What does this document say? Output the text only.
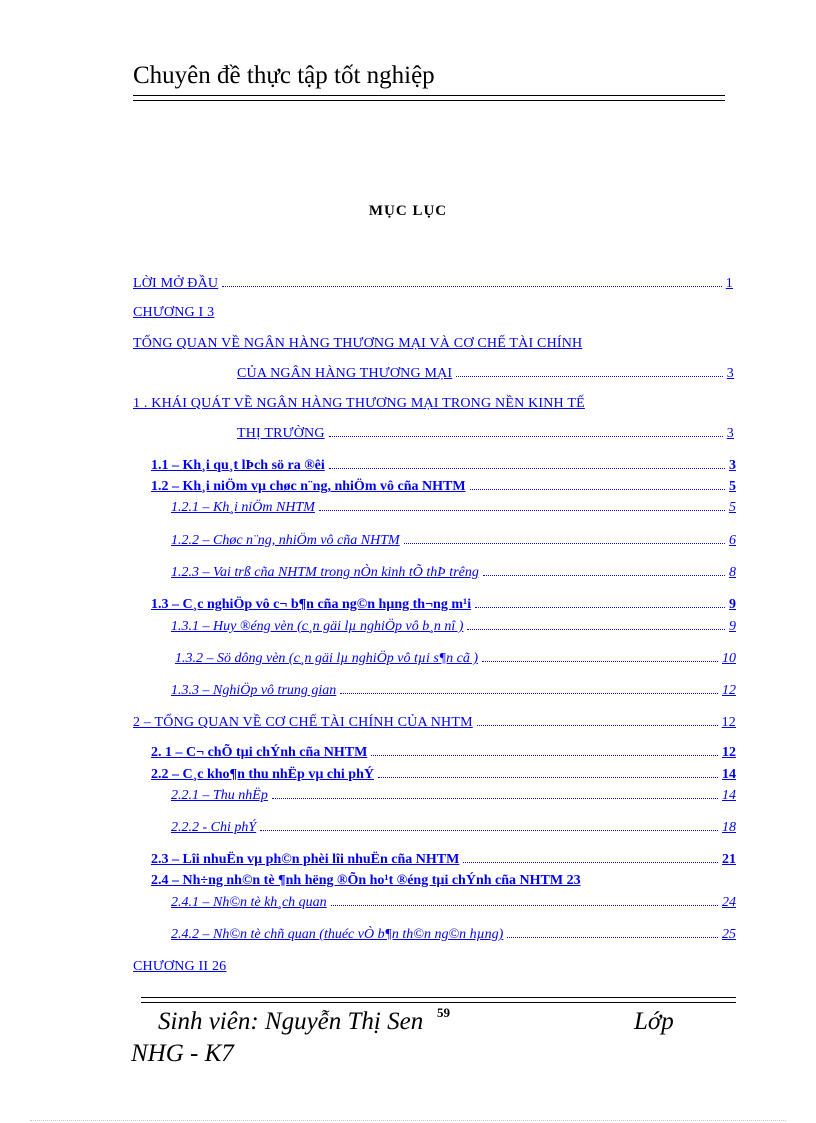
Chuyên đề thực tập tốt nghiệp
MỤC LỤC
LỜI MỞ ĐẦU	1
CHƯƠNG I 3
TỔNG QUAN VỀ NGÂN HÀNG THƯƠNG MẠI VÀ CƠ CHẾ TÀI CHÍNH
CỦA NGÂN HÀNG THƯƠNG MẠI	3
1 . KHÁI QUÁT VỀ NGÂN HÀNG THƯƠNG MẠI TRONG NỀN KINH TẾ
THỊ TRƯỜNG	3
1.1 – Kh¸i qu¸t lÞch sö ra ®êi	3
1.2 – Kh¸i niÖm vµ chøc n¨ng, nhiÖm vô cña NHTM	5
1.2.1 – Kh¸i niÖm NHTM	5
1.2.2 – Chøc n¨ng, nhiÖm vô cña NHTM	6
1.2.3 – Vai trß cña NHTM trong nÒn kinh tÕ thÞ trêng	8
1.3 – C¸c nghiÖp vô c¬ b¶n cña ng©n hµng th¬ng m¹i	9
1.3.1 – Huy ®éng vèn (c¸n gäi lµ nghiÖp vô b¸n nî )	9
1.3.2 – Sö dông vèn (c¸n gäi lµ nghiÖp vô tµi s¶n cã )	10
1.3.3 – NghiÖp vô trung gian	12
2 – TỔNG QUAN VỀ CƠ CHẾ TÀI CHÍNH CỦA NHTM	12
2. 1 – C¬ chÕ tµi chÝnh cña NHTM	12
2.2 – C¸c kho¶n thu nhËp vµ chi phÝ	14
2.2.1 – Thu nhËp	14
2.2.2 - Chi phÝ	18
2.3 – Lîi nhuËn vµ ph©n phèi lîi nhuËn cña NHTM	21
2.4 – Nh÷ng nh©n tè ¶nh hëng ®Õn ho¹t ®éng tµi chÝnh cña NHTM 23
2.4.1 – Nh©n tè kh¸ch quan	24
2.4.2 – Nh©n tè chñ quan (thuéc vÒ b¶n th©n ng©n hµng)	25
CHƯƠNG II 26
59
Sinh viên: Nguyễn Thị Sen	Lớp
NHG - K7
